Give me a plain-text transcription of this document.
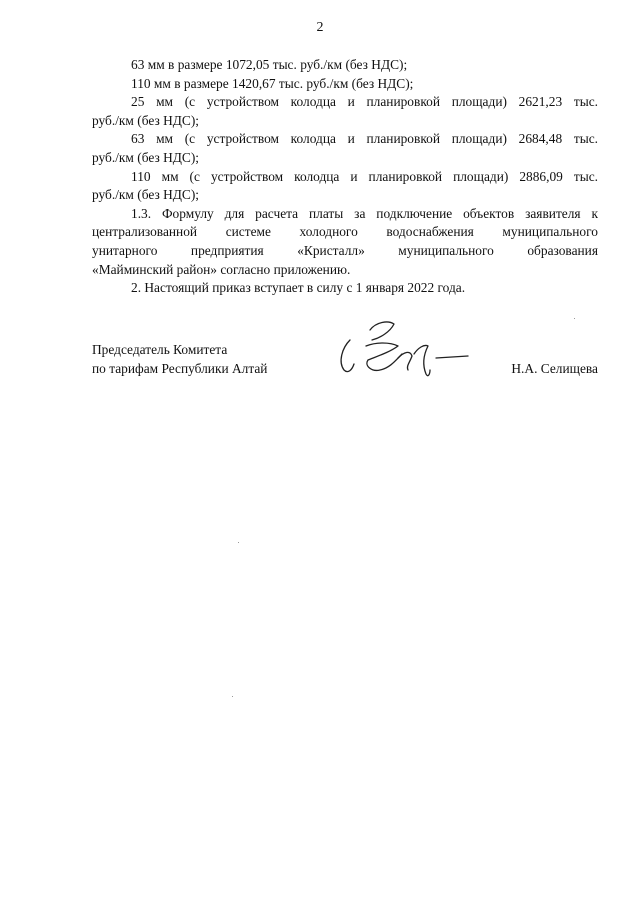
2
63 мм в размере 1072,05 тыс. руб./км (без НДС);
110 мм в размере 1420,67 тыс. руб./км (без НДС);
25 мм (с устройством колодца и планировкой площади) 2621,23 тыс.
руб./км (без НДС);
63 мм (с устройством колодца и планировкой площади) 2684,48 тыс.
руб./км (без НДС);
110 мм (с устройством колодца и планировкой площади) 2886,09 тыс.
руб./км (без НДС);
1.3. Формулу для расчета платы за подключение объектов заявителя к
централизованной системе холодного водоснабжения муниципального
унитарного предприятия «Кристалл» муниципального образования
«Майминский район» согласно приложению.
2. Настоящий приказ вступает в силу с 1 января 2022 года.
Председатель Комитета
по тарифам Республики Алтай	Н.А. Селищева
